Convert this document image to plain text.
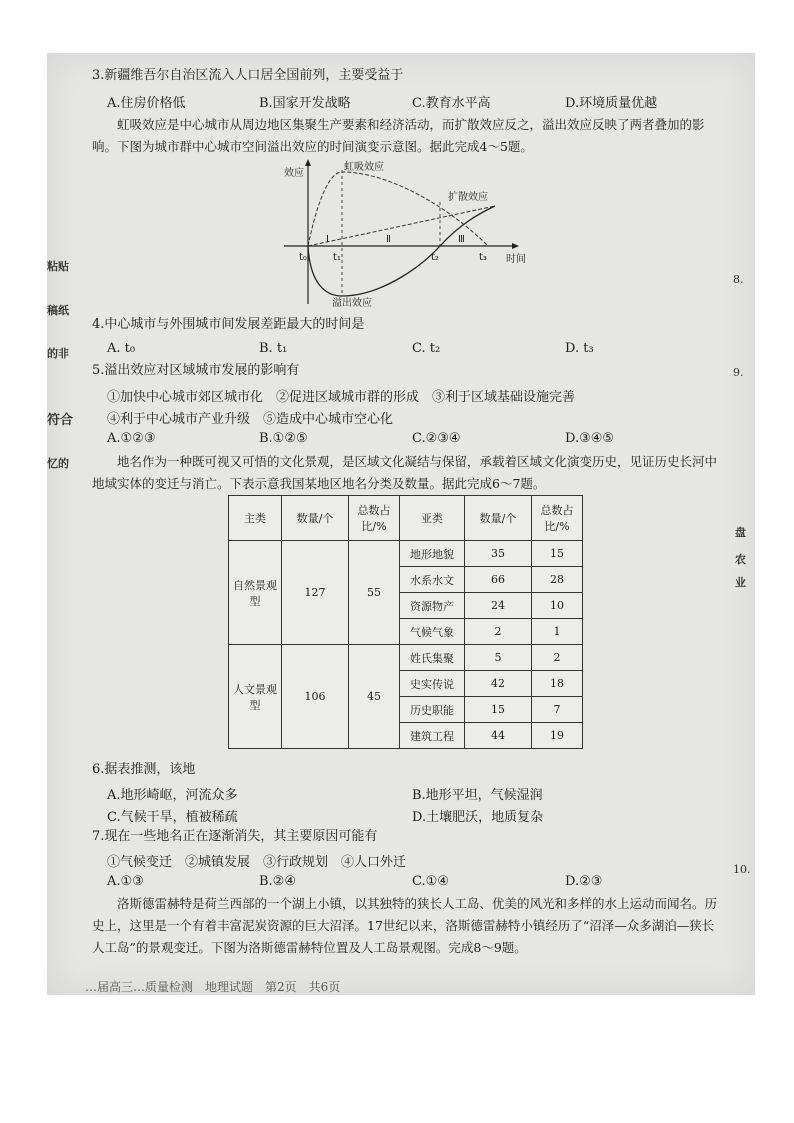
粘贴
稿纸
的非
符合
忆的
8.
9.
盘
农
业
10.
3.新疆维吾尔自治区流入人口居全国前列，主要受益于
A.住房价格低	B.国家开发战略	C.教育水平高	D.环境质量优越
虹吸效应是中心城市从周边地区集聚生产要素和经济活动，而扩散效应反之，溢出效应反映了两者叠加的影响。下图为城市群中心城市空间溢出效应的时间演变示意图。据此完成4～5题。
效应
时间
虹吸效应
扩散效应
溢出效应
t₀	t₁	t₂	t₃
Ⅰ	Ⅱ	Ⅲ
4.中心城市与外围城市间发展差距最大的时间是
A. t₀	B. t₁	C. t₂	D. t₃
5.溢出效应对区域城市发展的影响有
①加快中心城市郊区城市化　②促进区域城市群的形成　③利于区域基础设施完善
④利于中心城市产业升级　⑤造成中心城市空心化
A.①②③	B.①②⑤	C.②③④	D.③④⑤
地名作为一种既可视又可悟的文化景观，是区域文化凝结与保留，承载着区域文化演变历史，见证历史长河中地域实体的变迁与消亡。下表示意我国某地区地名分类及数量。据此完成6～7题。
主类	数量/个	总数占比/%	亚类	数量/个	总数占比/%
自然景观型	127	55	地形地貌	35	15
			水系水文	66	28
			资源物产	24	10
			气候气象	2	1
人文景观型	106	45	姓氏集聚	5	2
			史实传说	42	18
			历史职能	15	7
			建筑工程	44	19
6.据表推测，该地
A.地形崎岖，河流众多	B.地形平坦，气候湿润
C.气候干旱，植被稀疏	D.土壤肥沃，地质复杂
7.现在一些地名正在逐渐消失，其主要原因可能有
①气候变迁　②城镇发展　③行政规划　④人口外迁
A.①③	B.②④	C.①④	D.②③
洛斯德雷赫特是荷兰西部的一个湖上小镇，以其独特的狭长人工岛、优美的风光和多样的水上运动而闻名。历史上，这里是一个有着丰富泥炭资源的巨大沼泽。17世纪以来，洛斯德雷赫特小镇经历了“沼泽—众多湖泊—狭长人工岛”的景观变迁。下图为洛斯德雷赫特位置及人工岛景观图。完成8～9题。
…届高三…质量检测　地理试题　第2页　共6页
